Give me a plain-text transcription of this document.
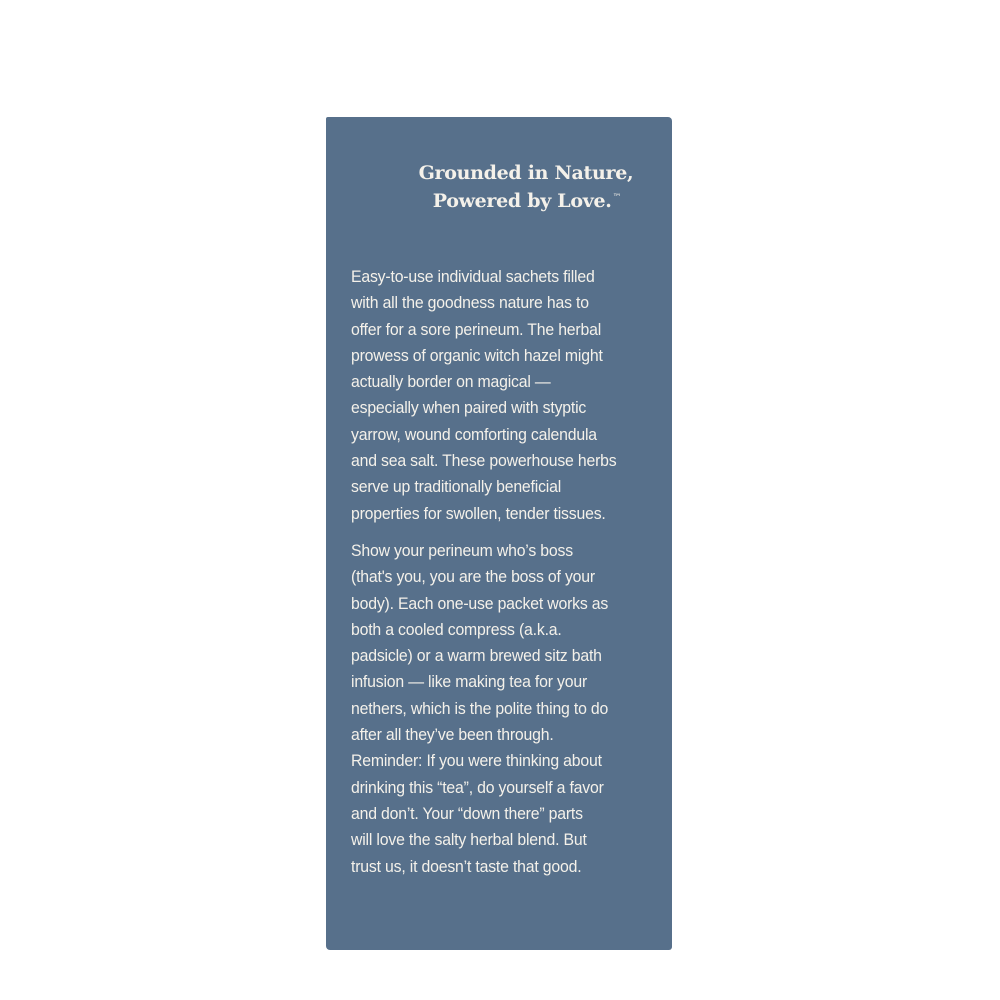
Grounded in Nature,
Powered by Love.™

Easy-to-use individual sachets filled
with all the goodness nature has to
offer for a sore perineum. The herbal
prowess of organic witch hazel might
actually border on magical —
especially when paired with styptic
yarrow, wound comforting calendula
and sea salt. These powerhouse herbs
serve up traditionally beneficial
properties for swollen, tender tissues.

Show your perineum who’s boss
(that's you, you are the boss of your
body). Each one-use packet works as
both a cooled compress (a.k.a.
padsicle) or a warm brewed sitz bath
infusion — like making tea for your
nethers, which is the polite thing to do
after all they’ve been through.
Reminder: If you were thinking about
drinking this “tea”, do yourself a favor
and don’t. Your “down there” parts
will love the salty herbal blend. But
trust us, it doesn’t taste that good.
